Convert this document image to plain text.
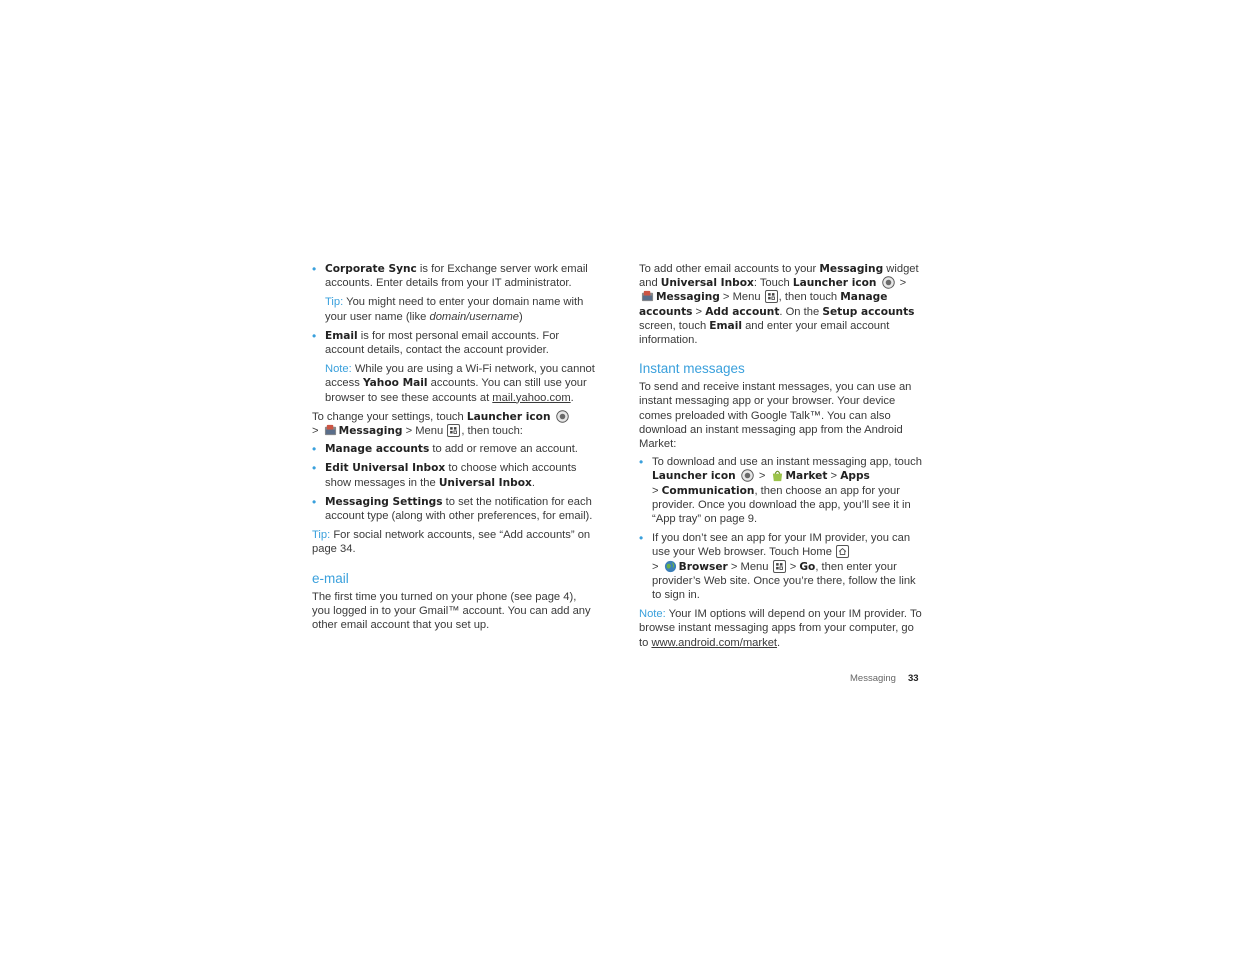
• Corporate Sync is for Exchange server work email accounts. Enter details from your IT administrator.

Tip: You might need to enter your domain name with your user name (like domain/username)

• Email is for most personal email accounts. For account details, contact the account provider.

Note: While you are using a Wi-Fi network, you cannot access Yahoo Mail accounts. You can still use your browser to see these accounts at mail.yahoo.com.

To change your settings, touch Launcher icon
> Messaging > Menu
, then touch:

• Manage accounts to add or remove an account.

• Edit Universal Inbox to choose which accounts show messages in the Universal Inbox.

• Messaging Settings to set the notification for each account type (along with other preferences, for email).

Tip: For social network accounts, see “Add accounts” on page 34.

e-mail

The first time you turned on your phone (see page 4), you logged in to your Gmail™ account. You can add any other email account that you set up.

To add other email accounts to your Messaging widget and Universal Inbox: Touch Launcher icon  > Messaging > Menu
, then touch Manage accounts > Add account. On the Setup accounts screen, touch Email and enter your email account information.

Instant messages

To send and receive instant messages, you can use an instant messaging app or your browser. Your device comes preloaded with Google Talk™. You can also download an instant messaging app from the Android Market:

• To download and use an instant messaging app, touch Launcher icon  > Market > Apps
> Communication, then choose an app for your provider. Once you download the app, you’ll see it in “App tray” on page 9.

• If you don’t see an app for your IM provider, you can use your Web browser. Touch Home

> Browser > Menu
> Go, then enter your provider’s Web site. Once you’re there, follow the link to sign in.

Note: Your IM options will depend on your IM provider. To browse instant messaging apps from your computer, go to www.android.com/market.

Messaging 33
